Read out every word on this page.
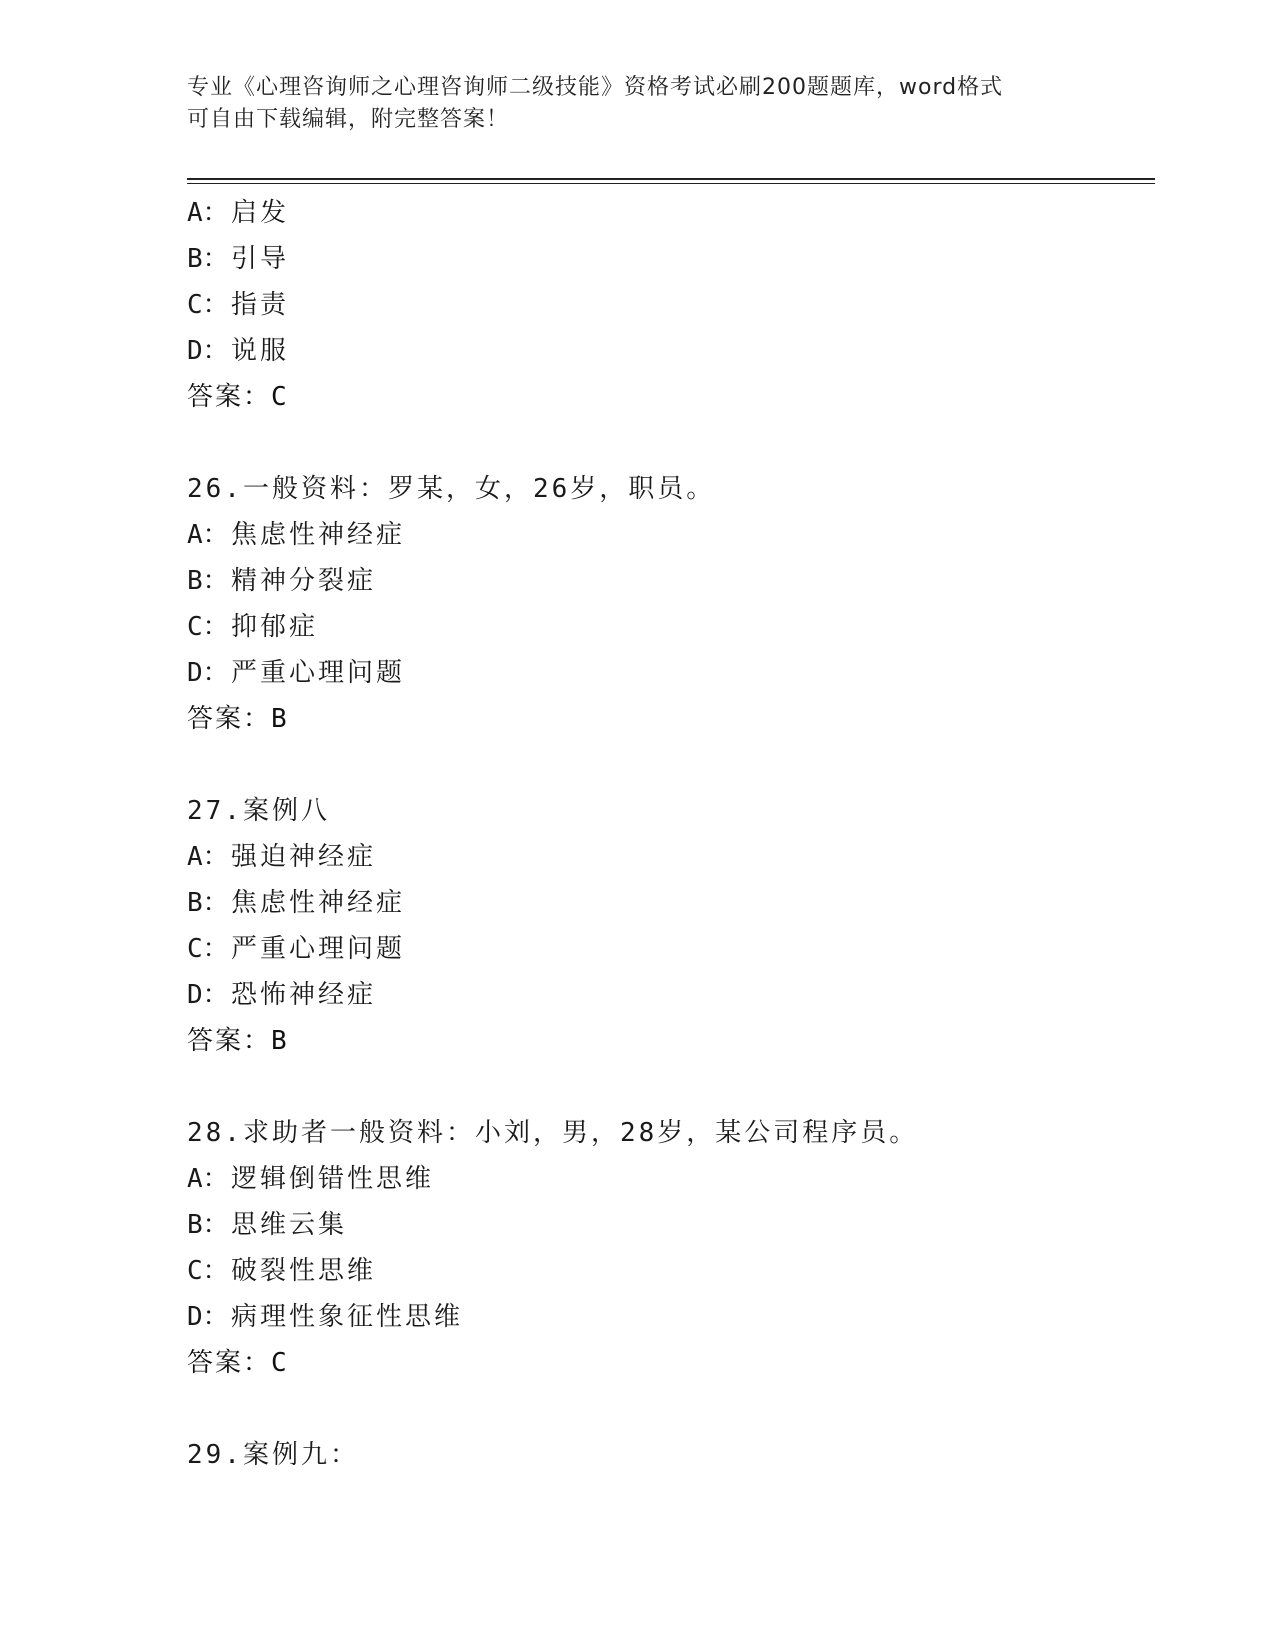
专业《心理咨询师之心理咨询师二级技能》资格考试必刷200题题库，word格式
可自由下载编辑，附完整答案！
A：启发
B：引导
C：指责
D：说服
答案：C
26.一般资料：罗某，女，26岁，职员。
A：焦虑性神经症
B：精神分裂症
C：抑郁症
D：严重心理问题
答案：B
27.案例八
A：强迫神经症
B：焦虑性神经症
C：严重心理问题
D：恐怖神经症
答案：B
28.求助者一般资料：小刘，男，28岁，某公司程序员。
A：逻辑倒错性思维
B：思维云集
C：破裂性思维
D：病理性象征性思维
答案：C
29.案例九：
